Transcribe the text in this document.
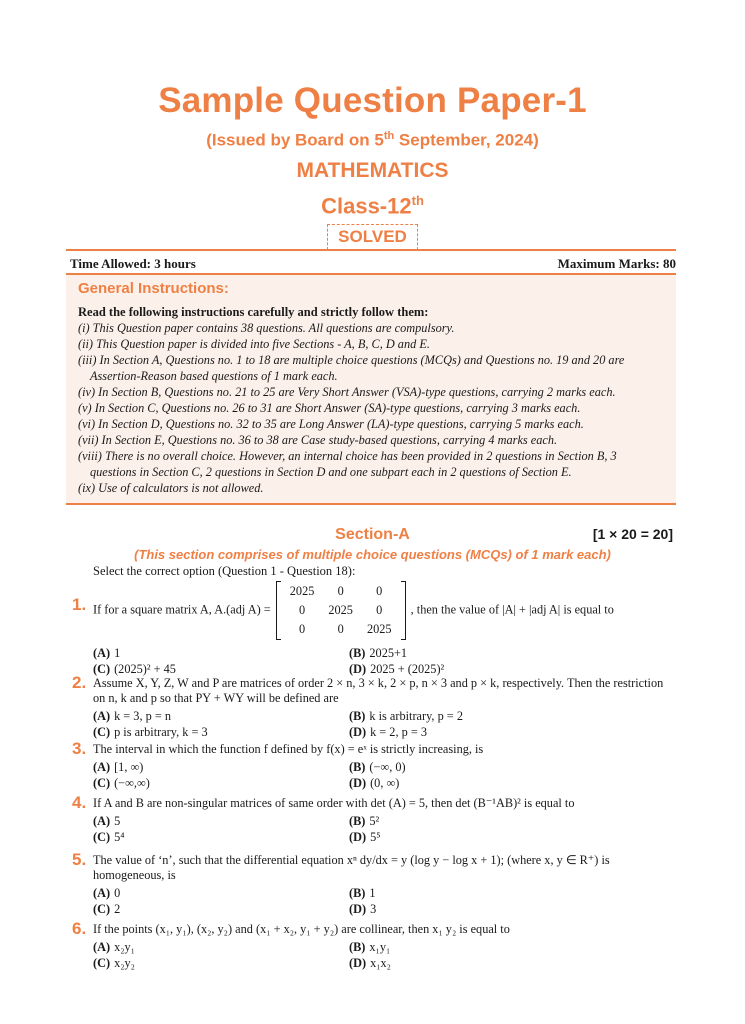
Sample Question Paper-1
(Issued by Board on 5th September, 2024)
MATHEMATICS
Class-12th
SOLVED
Time Allowed: 3 hours	Maximum Marks: 80
General Instructions:
Read the following instructions carefully and strictly follow them:
(i) This Question paper contains 38 questions. All questions are compulsory.
(ii) This Question paper is divided into five Sections - A, B, C, D and E.
(iii) In Section A, Questions no. 1 to 18 are multiple choice questions (MCQs) and Questions no. 19 and 20 are Assertion-Reason based questions of 1 mark each.
(iv) In Section B, Questions no. 21 to 25 are Very Short Answer (VSA)-type questions, carrying 2 marks each.
(v) In Section C, Questions no. 26 to 31 are Short Answer (SA)-type questions, carrying 3 marks each.
(vi) In Section D, Questions no. 32 to 35 are Long Answer (LA)-type questions, carrying 5 marks each.
(vii) In Section E, Questions no. 36 to 38 are Case study-based questions, carrying 4 marks each.
(viii) There is no overall choice. However, an internal choice has been provided in 2 questions in Section B, 3 questions in Section C, 2 questions in Section D and one subpart each in 2 questions of Section E.
(ix) Use of calculators is not allowed.
Section-A	[1 × 20 = 20]
(This section comprises of multiple choice questions (MCQs) of 1 mark each)
Select the correct option (Question 1 - Question 18):
1. If for a square matrix A, A.(adj A) =
2025	0	0
0	2025	0
0	0	2025
, then the value of |A| + |adj A| is equal to
(A) 1	(B) 2025+1
(C) (2025)² + 45	(D) 2025 + (2025)²
2. Assume X, Y, Z, W and P are matrices of order 2 × n, 3 × k, 2 × p, n × 3 and p × k, respectively. Then the restriction on n, k and p so that PY + WY will be defined are
(A) k = 3, p = n	(B) k is arbitrary, p = 2
(C) p is arbitrary, k = 3	(D) k = 2, p = 3
3. The interval in which the function f defined by f(x) = eˣ is strictly increasing, is
(A) [1, ∞)	(B) (−∞, 0)
(C) (−∞,∞)	(D) (0, ∞)
4. If A and B are non-singular matrices of same order with det (A) = 5, then det (B⁻¹AB)² is equal to
(A) 5	(B) 5²
(C) 5⁴	(D) 5⁵
5. The value of ‘n’, such that the differential equation xⁿ dy/dx = y (log y − log x + 1); (where x, y ∈ R⁺) is homogeneous, is
(A) 0	(B) 1
(C) 2	(D) 3
6. If the points (x₁, y₁), (x₂, y₂) and (x₁ + x₂, y₁ + y₂) are collinear, then x₁ y₂ is equal to
(A) x₂y₁	(B) x₁y₁
(C) x₂y₂	(D) x₁x₂
